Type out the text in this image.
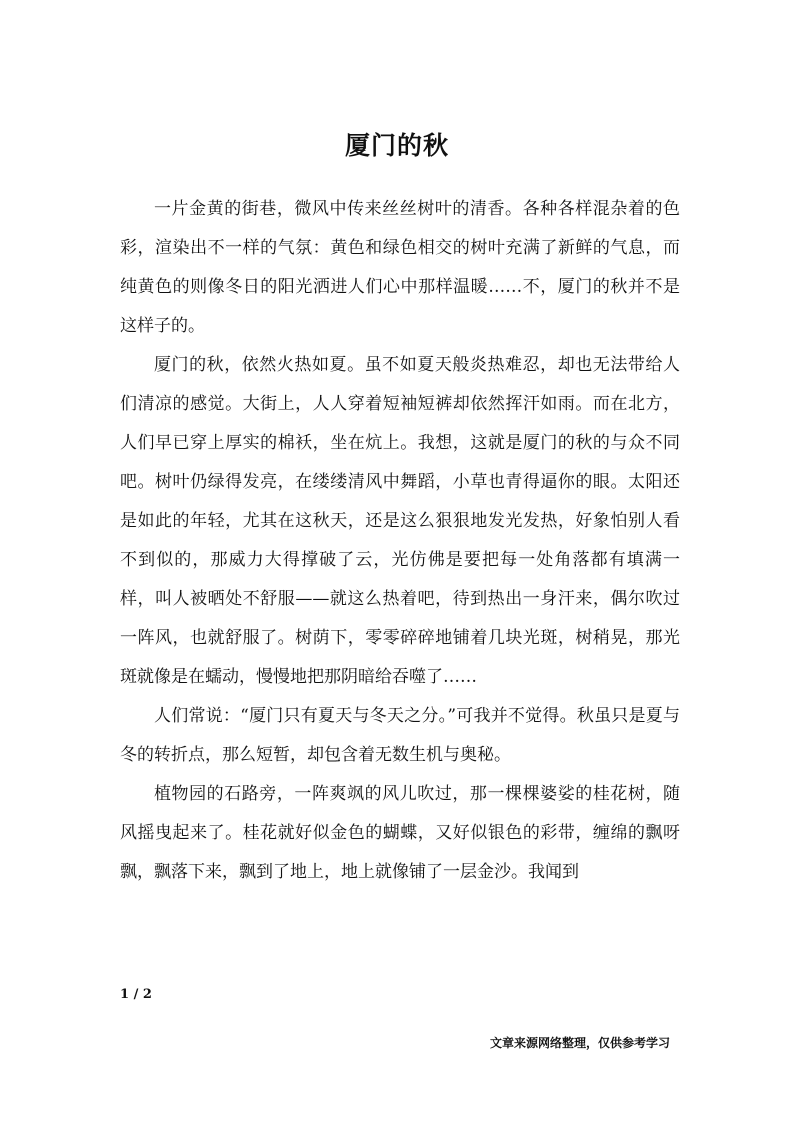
厦门的秋

一片金黄的街巷，微风中传来丝丝树叶的清香。各种各样混杂着的色彩，渲染出不一样的气氛：黄色和绿色相交的树叶充满了新鲜的气息，而纯黄色的则像冬日的阳光洒进人们心中那样温暖……不，厦门的秋并不是这样子的。

厦门的秋，依然火热如夏。虽不如夏天般炎热难忍，却也无法带给人们清凉的感觉。大街上，人人穿着短袖短裤却依然挥汗如雨。而在北方，人们早已穿上厚实的棉袄，坐在炕上。我想，这就是厦门的秋的与众不同吧。树叶仍绿得发亮，在缕缕清风中舞蹈，小草也青得逼你的眼。太阳还是如此的年轻，尤其在这秋天，还是这么狠狠地发光发热，好象怕别人看不到似的，那威力大得撑破了云，光仿佛是要把每一处角落都有填满一样，叫人被晒处不舒服——就这么热着吧，待到热出一身汗来，偶尔吹过一阵风，也就舒服了。树荫下，零零碎碎地铺着几块光斑，树稍晃，那光斑就像是在蠕动，慢慢地把那阴暗给吞噬了……

人们常说：“厦门只有夏天与冬天之分。”可我并不觉得。秋虽只是夏与冬的转折点，那么短暂，却包含着无数生机与奥秘。

植物园的石路旁，一阵爽飒的风儿吹过，那一棵棵婆娑的桂花树，随风摇曳起来了。桂花就好似金色的蝴蝶，又好似银色的彩带，缠绵的飘呀飘，飘落下来，飘到了地上，地上就像铺了一层金沙。我闻到

1 / 2
文章来源网络整理，仅供参考学习
